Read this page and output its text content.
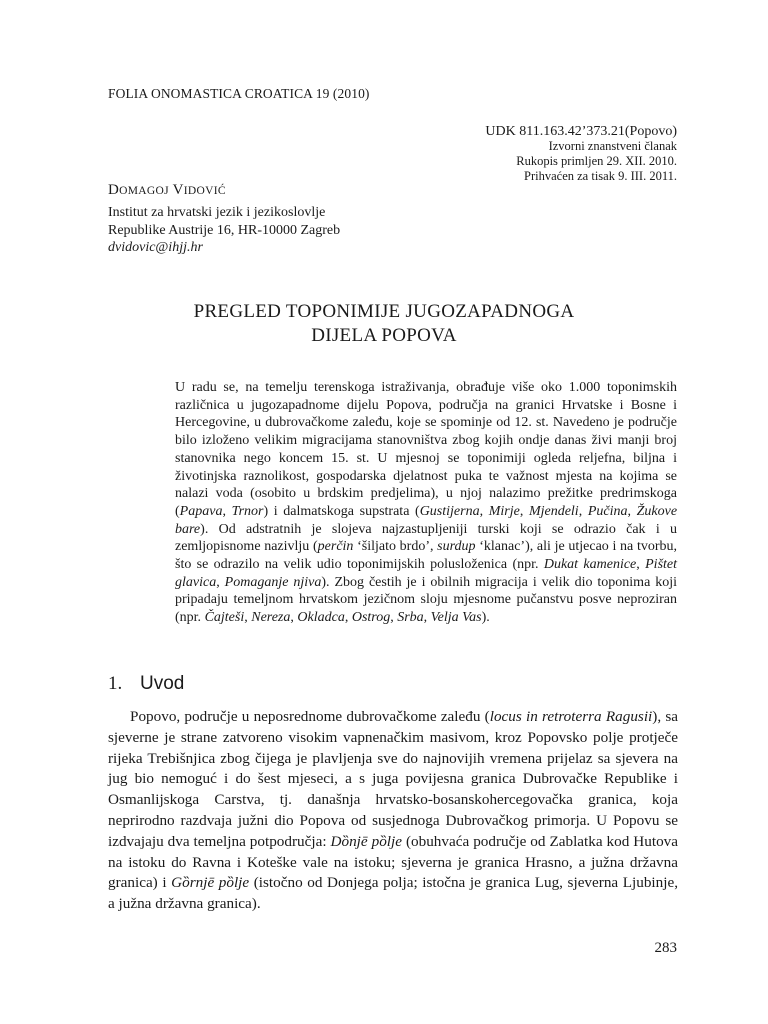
FOLIA ONOMASTICA CROATICA 19 (2010)
UDK 811.163.42’373.21(Popovo)
Izvorni znanstveni članak
Rukopis primljen 29. XII. 2010.
Prihvaćen za tisak 9. III. 2011.
DOMAGOJ VIDOVIĆ
Institut za hrvatski jezik i jezikoslovlje
Republike Austrije 16, HR-10000 Zagreb
dvidovic@ihjj.hr
PREGLED TOPONIMIJE JUGOZAPADNOGA
DIJELA POPOVA
U radu se, na temelju terenskoga istraživanja, obrađuje više oko 1.000 toponimskih različnica u jugozapadnome dijelu Popova, područja na granici Hrvatske i Bosne i Hercegovine, u dubrovačkome zaleđu, koje se spominje od 12. st. Navedeno je područje bilo izloženo velikim migracijama stanovništva zbog kojih ondje danas živi manji broj stanovnika nego koncem 15. st. U mjesnoj se toponimiji ogleda reljefna, biljna i životinjska raznolikost, gospodarska djelatnost puka te važnost mjesta na kojima se nalazi voda (osobito u brdskim predjelima), u njoj nalazimo prežitke predrimskoga (Papava, Trnor) i dalmatskoga supstrata (Gustijerna, Mirje, Mjendeli, Pučina, Žukove bare). Od adstratnih je slojeva najzastupljeniji turski koji se odrazio čak i u zemljopisnome nazivlju (perčin ‘šiljato brdo’, surdup ‘klanac’), ali je utjecao i na tvorbu, što se odrazilo na velik udio toponimijskih polusloženica (npr. Dukat kamenice, Pištet glavica, Pomaganje njiva). Zbog čestih je i obilnih migracija i velik dio toponima koji pripadaju temeljnom hrvatskom jezičnom sloju mjesnome pučanstvu posve neproziran (npr. Čajteši, Nereza, Okladca, Ostrog, Srba, Velja Vas).
1. Uvod
Popovo, područje u neposrednome dubrovačkome zaleđu (locus in retroterra Ragusii), sa sjeverne je strane zatvoreno visokim vapnenačkim masivom, kroz Popovsko polje protječe rijeka Trebišnjica zbog čijega je plavljenja sve do najnovijih vremena prijelaz sa sjevera na jug bio nemoguć i do šest mjeseci, a s juga povijesna granica Dubrovačke Republike i Osmanlijskoga Carstva, tj. današnja hrvatsko-bosanskohercegovačka granica, koja neprirodno razdvaja južni dio Popova od susjednoga Dubrovačkog primorja. U Popovu se izdvajaju dva temeljna potpodručja: Dȍnjē pȍlje (obuhvaća područje od Zablatka kod Hutova na istoku do Ravna i Koteške vale na istoku; sjeverna je granica Hrasno, a južna državna granica) i Gȍrnjē pȍlje (istočno od Donjega polja; istočna je granica Lug, sjeverna Ljubinje, a južna državna granica).
283
